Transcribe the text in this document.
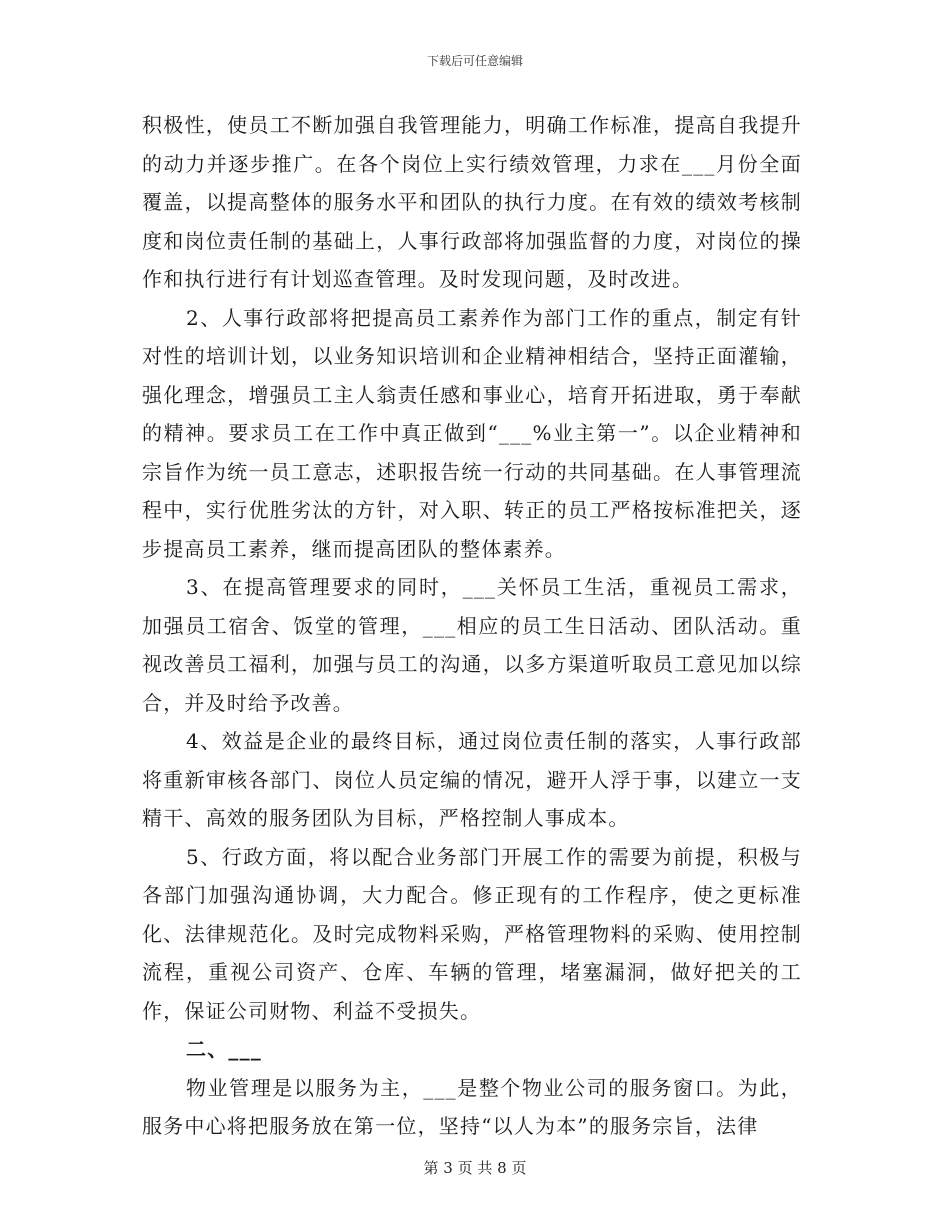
下载后可任意编辑

积极性，使员工不断加强自我管理能力，明确工作标准，提高自我提升的动力并逐步推广。在各个岗位上实行绩效管理，力求在___月份全面覆盖，以提高整体的服务水平和团队的执行力度。在有效的绩效考核制度和岗位责任制的基础上，人事行政部将加强监督的力度，对岗位的操作和执行进行有计划巡查管理。及时发现问题，及时改进。

2、人事行政部将把提高员工素养作为部门工作的重点，制定有针对性的培训计划，以业务知识培训和企业精神相结合，坚持正面灌输，强化理念，增强员工主人翁责任感和事业心，培育开拓进取，勇于奉献的精神。要求员工在工作中真正做到“___%业主第一”。以企业精神和宗旨作为统一员工意志，述职报告统一行动的共同基础。在人事管理流程中，实行优胜劣汰的方针，对入职、转正的员工严格按标准把关，逐步提高员工素养，继而提高团队的整体素养。

3、在提高管理要求的同时，___关怀员工生活，重视员工需求，加强员工宿舍、饭堂的管理，___相应的员工生日活动、团队活动。重视改善员工福利，加强与员工的沟通，以多方渠道听取员工意见加以综合，并及时给予改善。

4、效益是企业的最终目标，通过岗位责任制的落实，人事行政部将重新审核各部门、岗位人员定编的情况，避开人浮于事，以建立一支精干、高效的服务团队为目标，严格控制人事成本。

5、行政方面，将以配合业务部门开展工作的需要为前提，积极与各部门加强沟通协调，大力配合。修正现有的工作程序，使之更标准化、法律规范化。及时完成物料采购，严格管理物料的采购、使用控制流程，重视公司资产、仓库、车辆的管理，堵塞漏洞，做好把关的工作，保证公司财物、利益不受损失。

二、___

物业管理是以服务为主，___是整个物业公司的服务窗口。为此，服务中心将把服务放在第一位，坚持“以人为本”的服务宗旨，法律

第 3 页 共 8 页
